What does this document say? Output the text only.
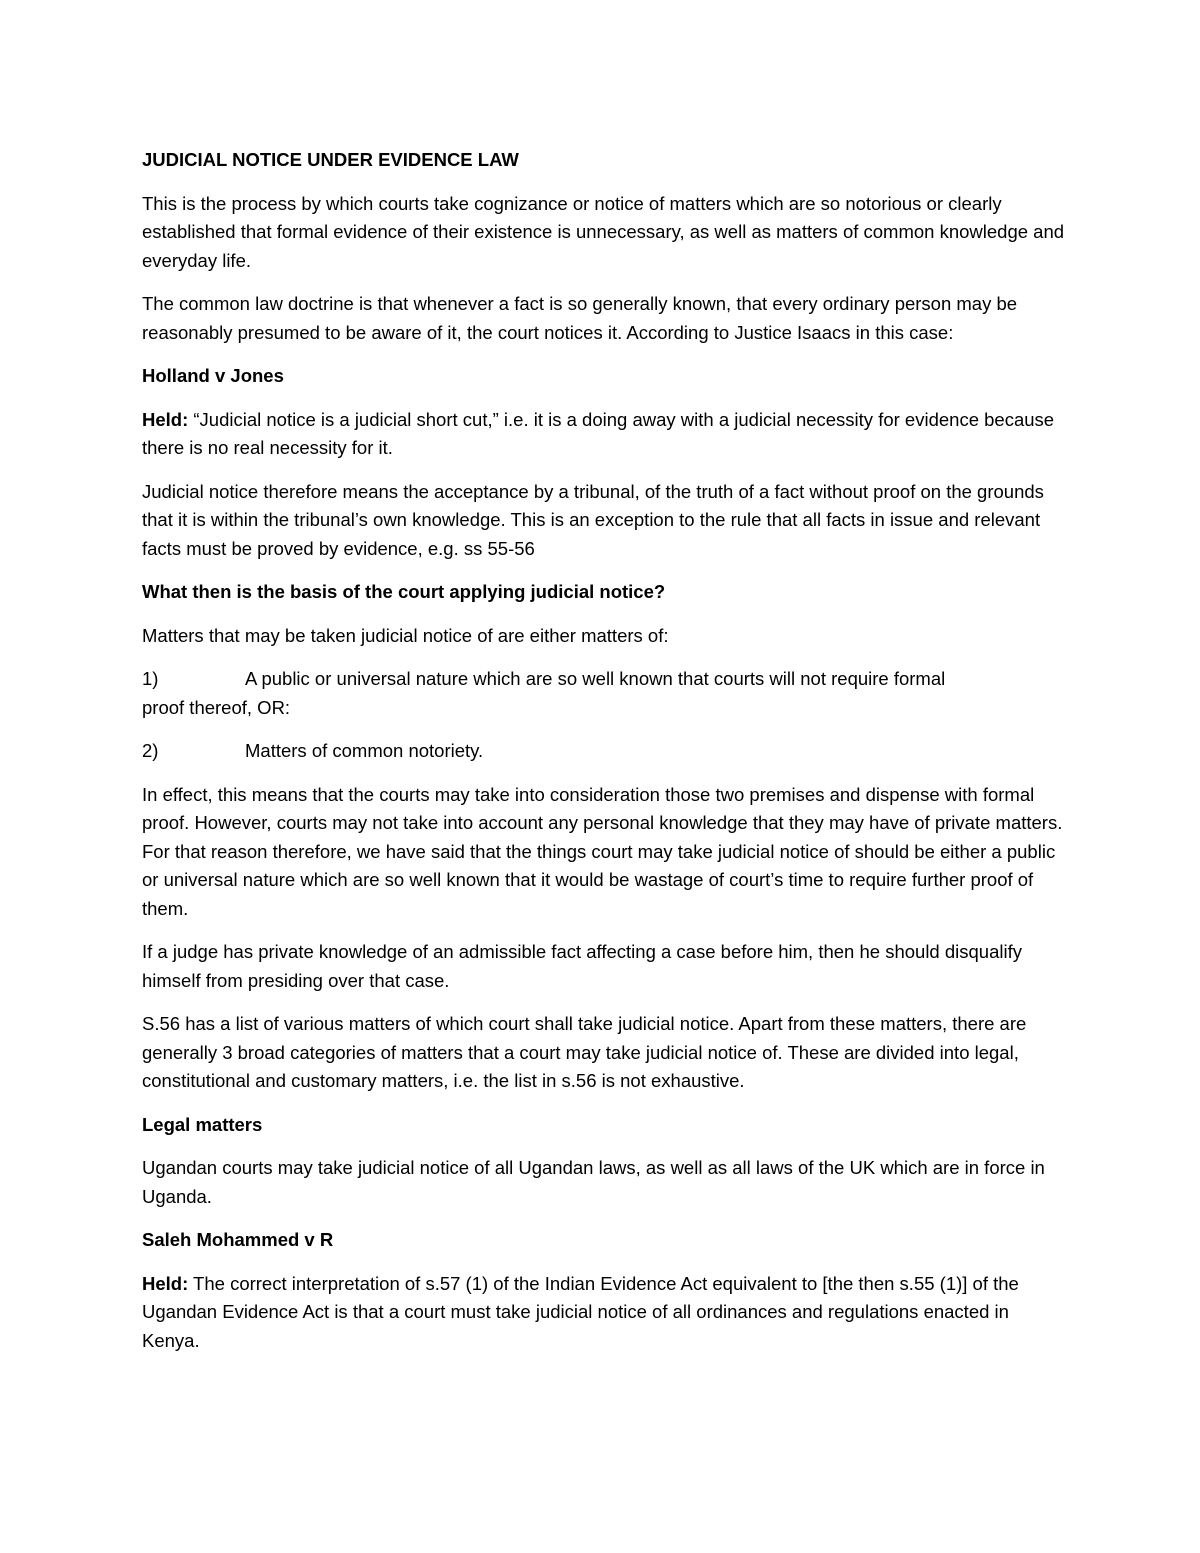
JUDICIAL NOTICE UNDER EVIDENCE LAW

This is the process by which courts take cognizance or notice of matters which are so notorious or clearly established that formal evidence of their existence is unnecessary, as well as matters of common knowledge and everyday life.

The common law doctrine is that whenever a fact is so generally known, that every ordinary person may be reasonably presumed to be aware of it, the court notices it. According to Justice Isaacs in this case:

Holland v Jones

Held: “Judicial notice is a judicial short cut,” i.e. it is a doing away with a judicial necessity for evidence because there is no real necessity for it.

Judicial notice therefore means the acceptance by a tribunal, of the truth of a fact without proof on the grounds that it is within the tribunal’s own knowledge. This is an exception to the rule that all facts in issue and relevant facts must be proved by evidence, e.g. ss 55-56

What then is the basis of the court applying judicial notice?

Matters that may be taken judicial notice of are either matters of:

1)	A public or universal nature which are so well known that courts will not require formal
proof thereof, OR:
2)	Matters of common notoriety.

In effect, this means that the courts may take into consideration those two premises and dispense with formal proof. However, courts may not take into account any personal knowledge that they may have of private matters. For that reason therefore, we have said that the things court may take judicial notice of should be either a public or universal nature which are so well known that it would be wastage of court’s time to require further proof of them.

If a judge has private knowledge of an admissible fact affecting a case before him, then he should disqualify himself from presiding over that case.

S.56 has a list of various matters of which court shall take judicial notice. Apart from these matters, there are generally 3 broad categories of matters that a court may take judicial notice of. These are divided into legal, constitutional and customary matters, i.e. the list in s.56 is not exhaustive.

Legal matters

Ugandan courts may take judicial notice of all Ugandan laws, as well as all laws of the UK which are in force in Uganda.

Saleh Mohammed v R

Held: The correct interpretation of s.57 (1) of the Indian Evidence Act equivalent to [the then s.55 (1)] of the Ugandan Evidence Act is that a court must take judicial notice of all ordinances and regulations enacted in Kenya.
